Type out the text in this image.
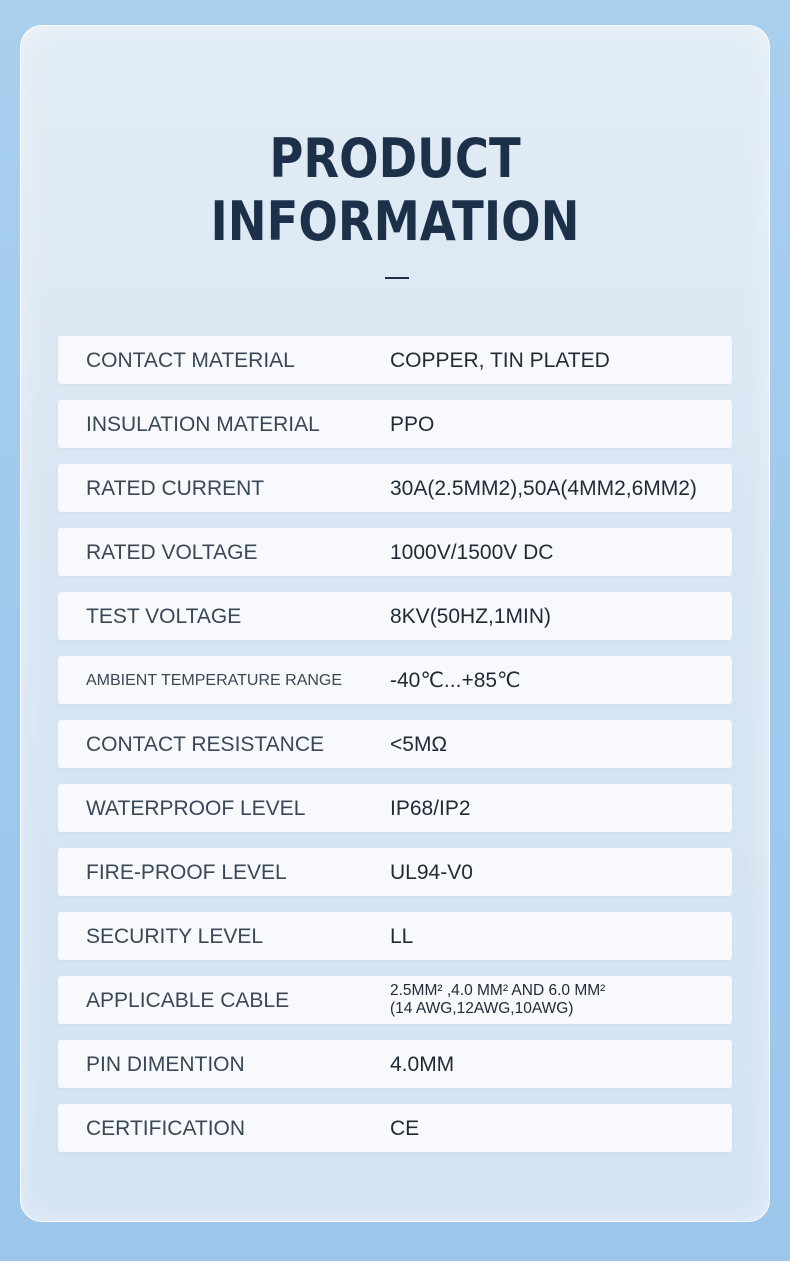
PRODUCT
INFORMATION
CONTACT MATERIAL	COPPER, TIN PLATED
INSULATION MATERIAL	PPO
RATED CURRENT	30A(2.5MM2),50A(4MM2,6MM2)
RATED VOLTAGE	1000V/1500V DC
TEST VOLTAGE	8KV(50HZ,1MIN)
AMBIENT TEMPERATURE RANGE -40℃...+85℃
CONTACT RESISTANCE	<5MΩ
WATERPROOF LEVEL	IP68/IP2
FIRE-PROOF LEVEL	UL94-V0
SECURITY LEVEL	LL
APPLICABLE CABLE	2.5MM² ,4.0 MM² AND 6.0 MM²
(14 AWG,12AWG,10AWG)
PIN DIMENTION	4.0MM
CERTIFICATION	CE
